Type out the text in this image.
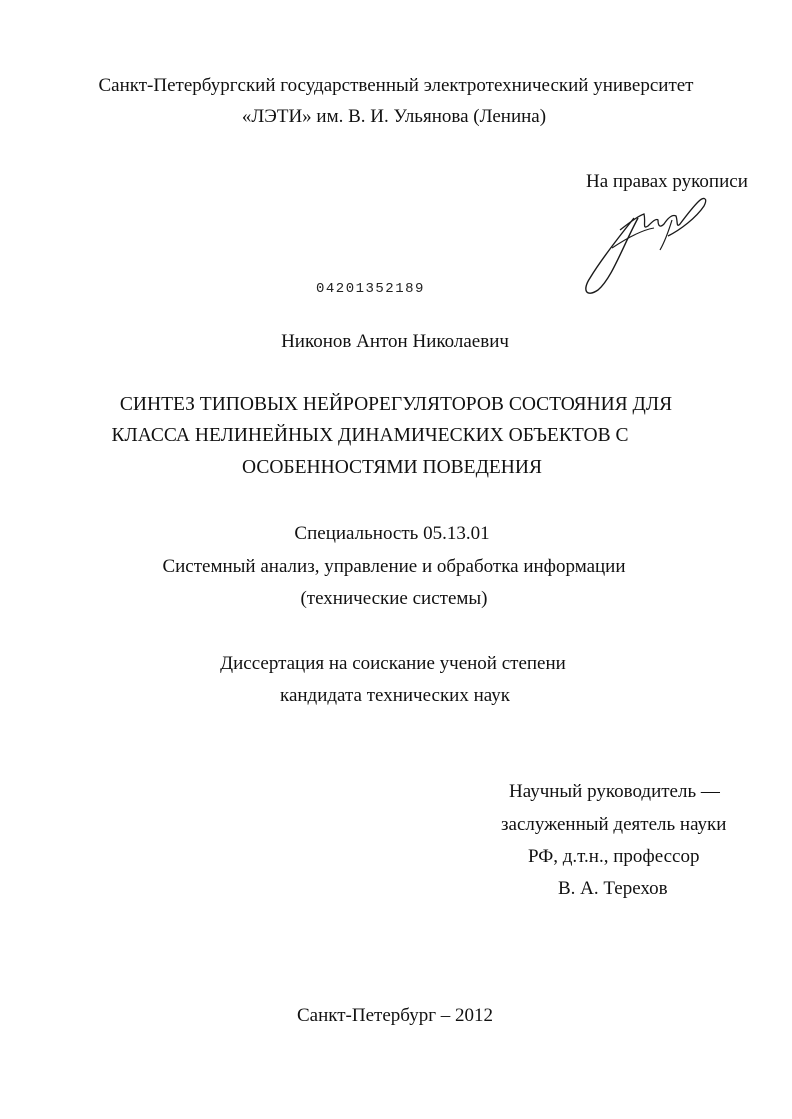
Санкт-Петербургский государственный электротехнический университет
«ЛЭТИ» им. В. И. Ульянова (Ленина)
На правах рукописи
04201352189
Никонов Антон Николаевич
СИНТЕЗ ТИПОВЫХ НЕЙРОРЕГУЛЯТОРОВ СОСТОЯНИЯ ДЛЯ
КЛАССА НЕЛИНЕЙНЫХ ДИНАМИЧЕСКИХ ОБЪЕКТОВ С
ОСОБЕННОСТЯМИ ПОВЕДЕНИЯ
Специальность 05.13.01
Системный анализ, управление и обработка информации
(технические системы)
Диссертация на соискание ученой степени
кандидата технических наук
Научный руководитель —
заслуженный деятель науки
РФ, д.т.н., профессор
В. А. Терехов
Санкт-Петербург – 2012
